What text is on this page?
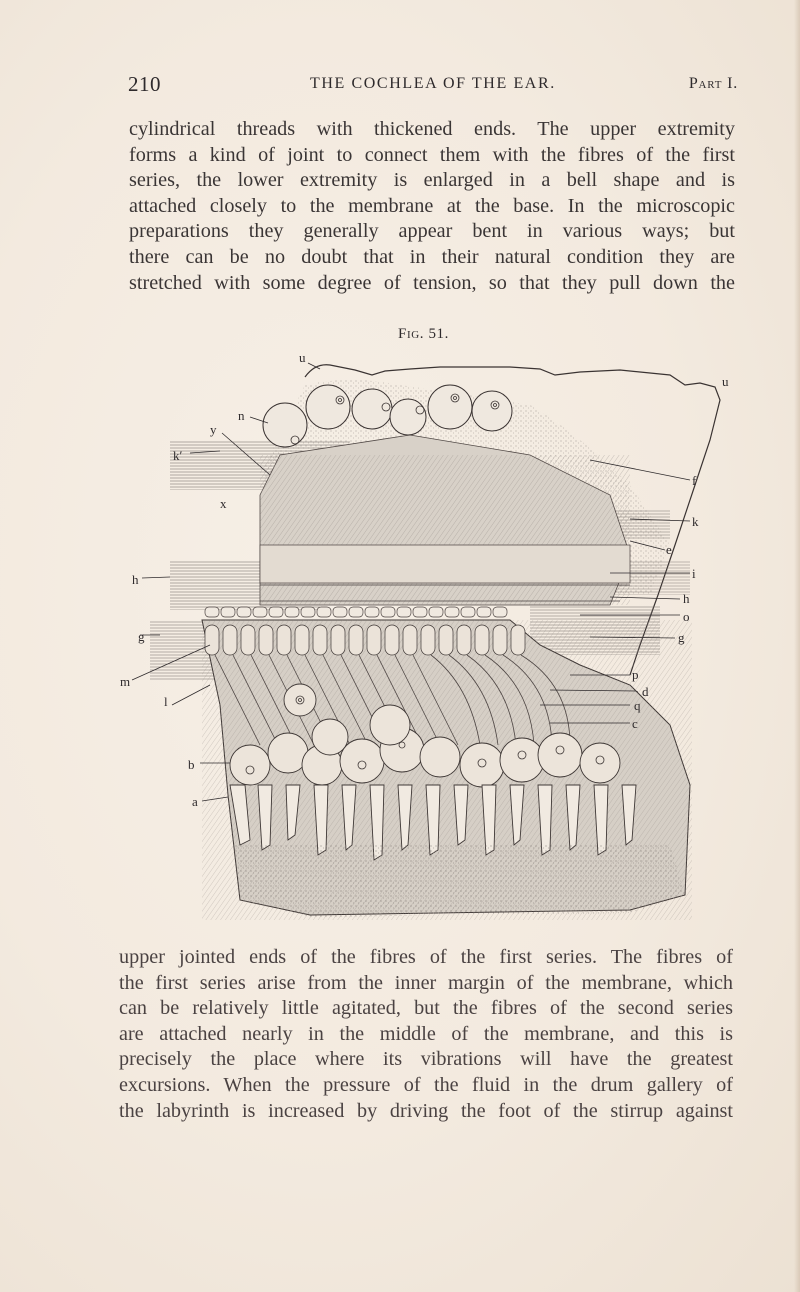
210	THE COCHLEA OF THE EAR.	Part I.
cylindrical threads with thickened ends. The upper extremity
forms a kind of joint to connect them with the fibres of the first
series, the lower extremity is enlarged in a bell shape and is
attached closely to the membrane at the base. In the microscopic
preparations they generally appear bent in various ways; but
there can be no doubt that in their natural condition they are
stretched with some degree of tension, so that they pull down the
Fig. 51.
u
u
n
y
k′
x
h
g
m
l
b
a
f
k
e
i
h
o
g
p
d
q
c
upper jointed ends of the fibres of the first series. The fibres of
the first series arise from the inner margin of the membrane, which
can be relatively little agitated, but the fibres of the second series
are attached nearly in the middle of the membrane, and this is
precisely the place where its vibrations will have the greatest
excursions. When the pressure of the fluid in the drum gallery of
the labyrinth is increased by driving the foot of the stirrup against
